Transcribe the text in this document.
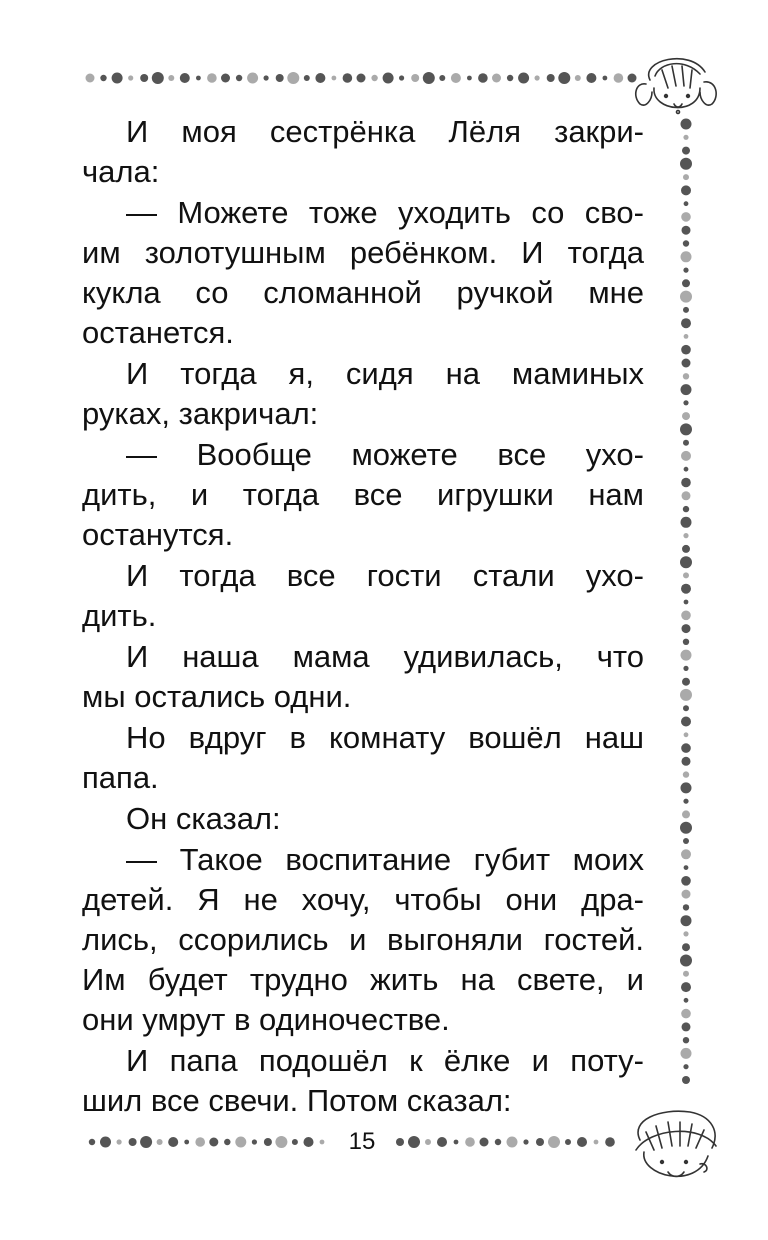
И моя сестрёнка Лёля закри-
чала:

— Можете тоже уходить со сво-
им золотушным ребёнком. И тогда
кукла со сломанной ручкой мне
останется.

И тогда я, сидя на маминых
руках, закричал:

— Вообще можете все ухо-
дить, и тогда все игрушки нам
останутся.

И тогда все гости стали ухо-
дить.

И наша мама удивилась, что
мы остались одни.

Но вдруг в комнату вошёл наш
папа.

Он сказал:

— Такое воспитание губит моих
детей. Я не хочу, чтобы они дра-
лись, ссорились и выгоняли гостей.
Им будет трудно жить на свете, и
они умрут в одиночестве.

И папа подошёл к ёлке и поту-
шил все свечи. Потом сказал:

15
